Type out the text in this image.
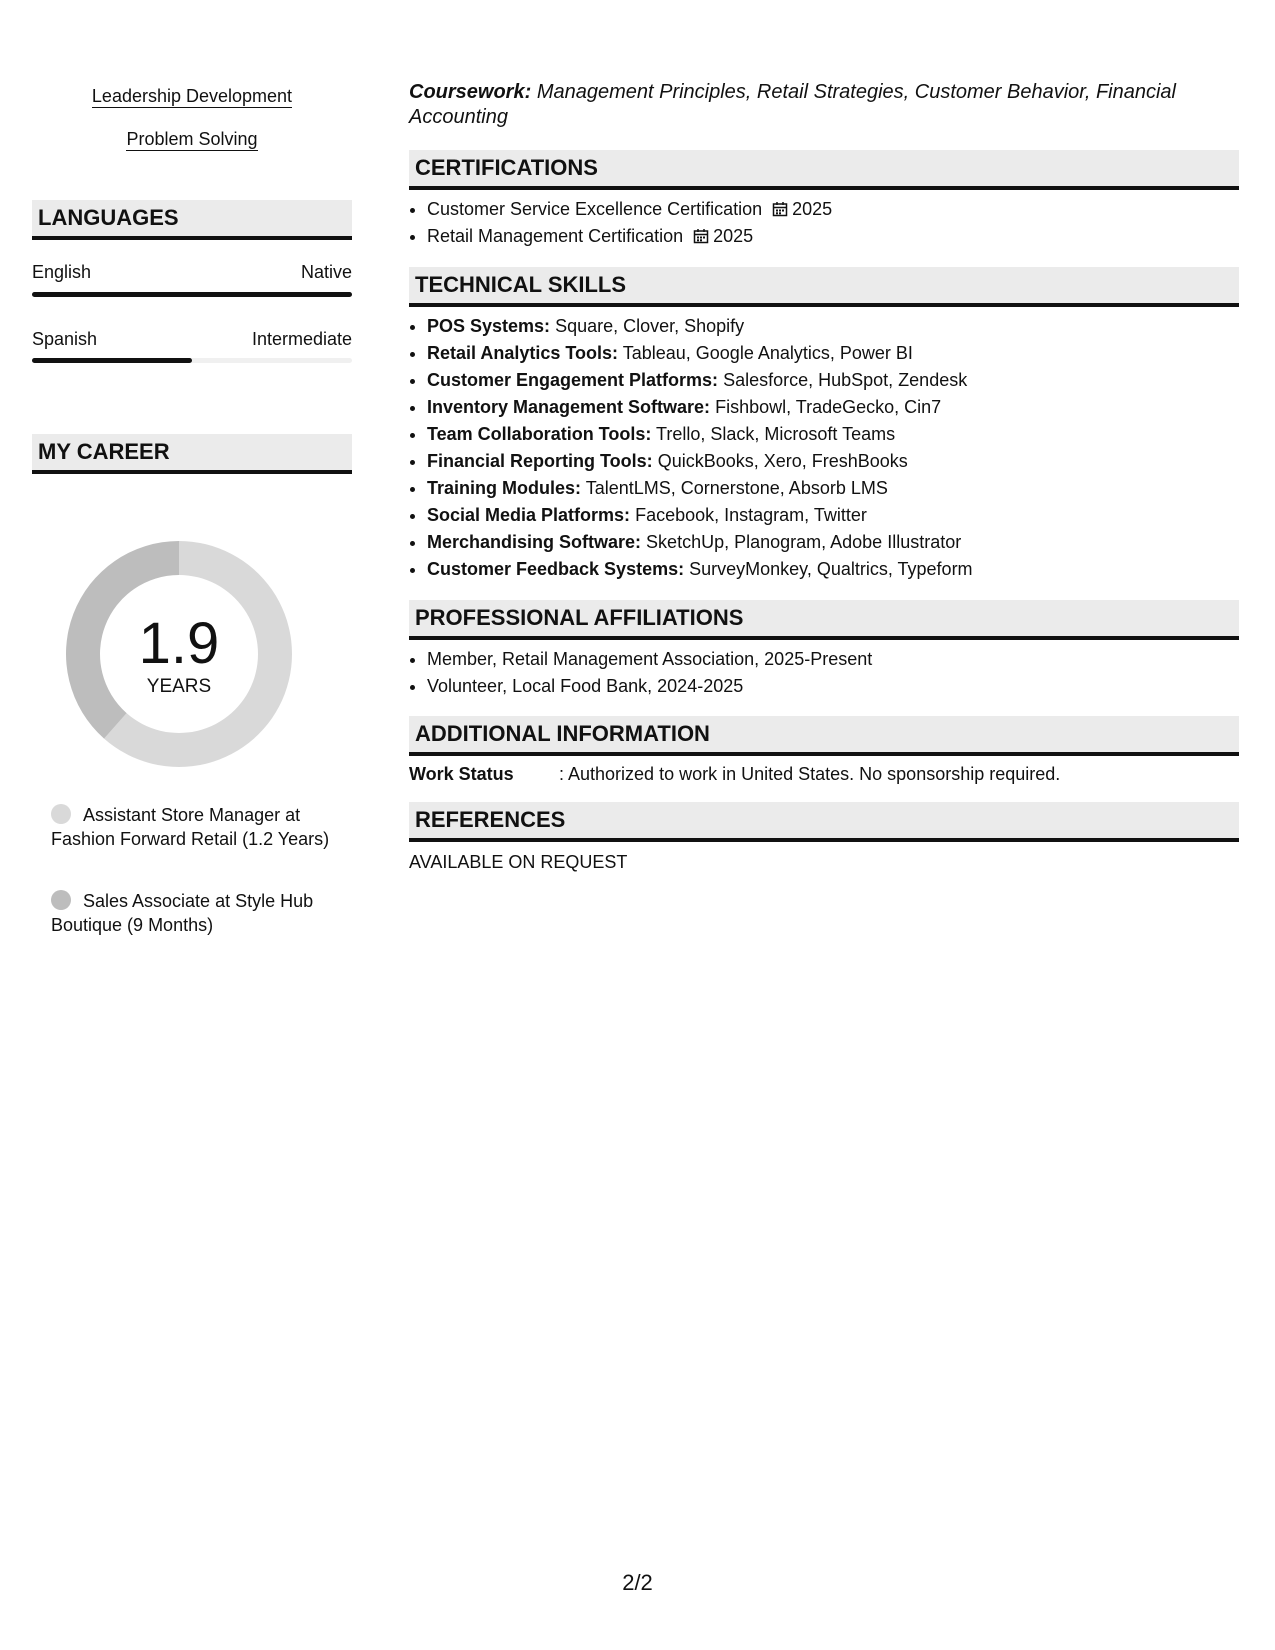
Leadership Development
Problem Solving
LANGUAGES
English	Native
Spanish	Intermediate
MY CAREER
1.9
YEARS
Assistant Store Manager at Fashion Forward Retail (1.2 Years)
Sales Associate at Style Hub Boutique (9 Months)
Coursework: Management Principles, Retail Strategies, Customer Behavior, Financial Accounting
CERTIFICATIONS
• Customer Service Excellence Certification 2025
• Retail Management Certification 2025
TECHNICAL SKILLS
• POS Systems: Square, Clover, Shopify
• Retail Analytics Tools: Tableau, Google Analytics, Power BI
• Customer Engagement Platforms: Salesforce, HubSpot, Zendesk
• Inventory Management Software: Fishbowl, TradeGecko, Cin7
• Team Collaboration Tools: Trello, Slack, Microsoft Teams
• Financial Reporting Tools: QuickBooks, Xero, FreshBooks
• Training Modules: TalentLMS, Cornerstone, Absorb LMS
• Social Media Platforms: Facebook, Instagram, Twitter
• Merchandising Software: SketchUp, Planogram, Adobe Illustrator
• Customer Feedback Systems: SurveyMonkey, Qualtrics, Typeform
PROFESSIONAL AFFILIATIONS
• Member, Retail Management Association, 2025-Present
• Volunteer, Local Food Bank, 2024-2025
ADDITIONAL INFORMATION
Work Status	: Authorized to work in United States. No sponsorship required.
REFERENCES
AVAILABLE ON REQUEST
2/2
